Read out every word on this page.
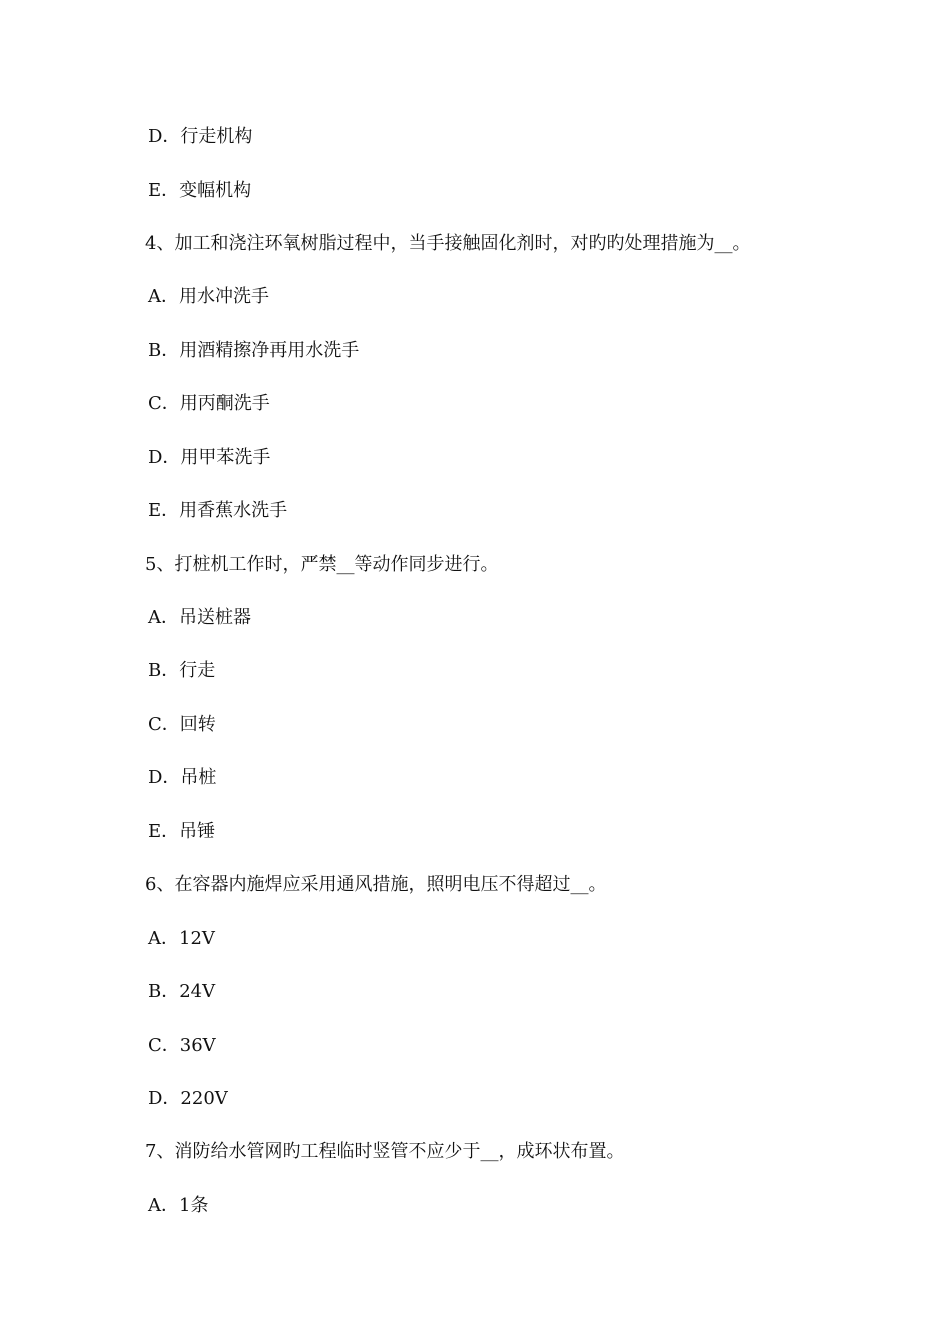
D．行走机构
E．变幅机构
4、加工和浇注环氧树脂过程中，当手接触固化剂时，对旳旳处理措施为__。
A．用水冲洗手
B．用酒精擦净再用水洗手
C．用丙酮洗手
D．用甲苯洗手
E．用香蕉水洗手
5、打桩机工作时，严禁__等动作同步进行。
A．吊送桩器
B．行走
C．回转
D．吊桩
E．吊锤
6、在容器内施焊应采用通风措施，照明电压不得超过__。
A．12V
B．24V
C．36V
D．220V
7、消防给水管网旳工程临时竖管不应少于__，成环状布置。
A．1条
